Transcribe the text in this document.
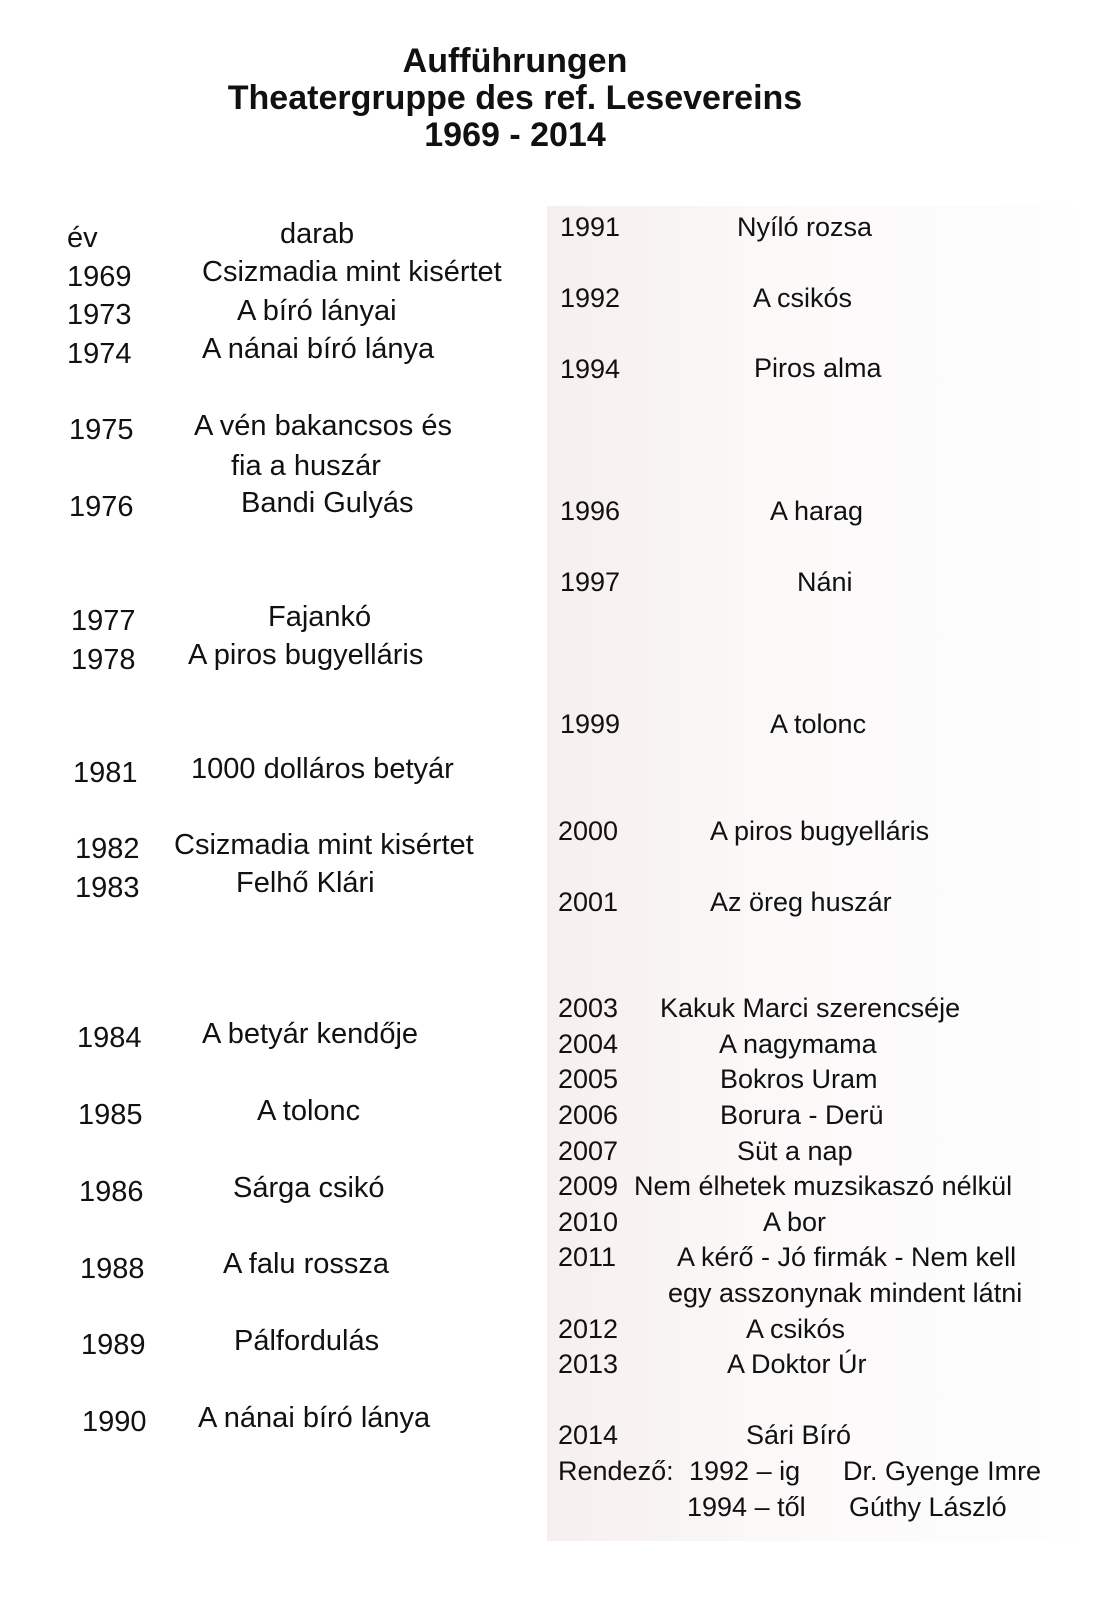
Aufführungen
Theatergruppe des ref. Lesevereins
1969 - 2014
év	darab
1969 Csizmadia mint kisértet
1973	A bíró lányai
1974 A nánai bíró lánya
1975 A vén bakancsos és
fia a huszár
1976	Bandi Gulyás
1977	Fajankó
1978 A piros bugyelláris
1981 1000 dolláros betyár
1982 Csizmadia mint kisértet
1983	Felhő Klári
1984 A betyár kendője
1985	A tolonc
1986	Sárga csikó
1988	A falu rossza
1989	Pálfordulás
1990 A nánai bíró lánya
1991	Nyíló rozsa
1992	A csikós
1994	Piros alma
1996	A harag
1997	Náni
1999	A tolonc
2000	A piros bugyelláris
2001	Az öreg huszár
2003 Kakuk Marci szerencséje
2004	A nagymama
2005	Bokros Uram
2006	Borura - Derü
2007	Süt a nap
2009 Nem élhetek muzsikaszó nélkül
2010	A bor
2011 A kérő - Jó firmák - Nem kell
egy asszonynak mindent látni
2012	A csikós
2013	A Doktor Úr
2014	Sári Bíró
Rendező: 1992 – ig Dr. Gyenge Imre
1994 – től Gúthy László
